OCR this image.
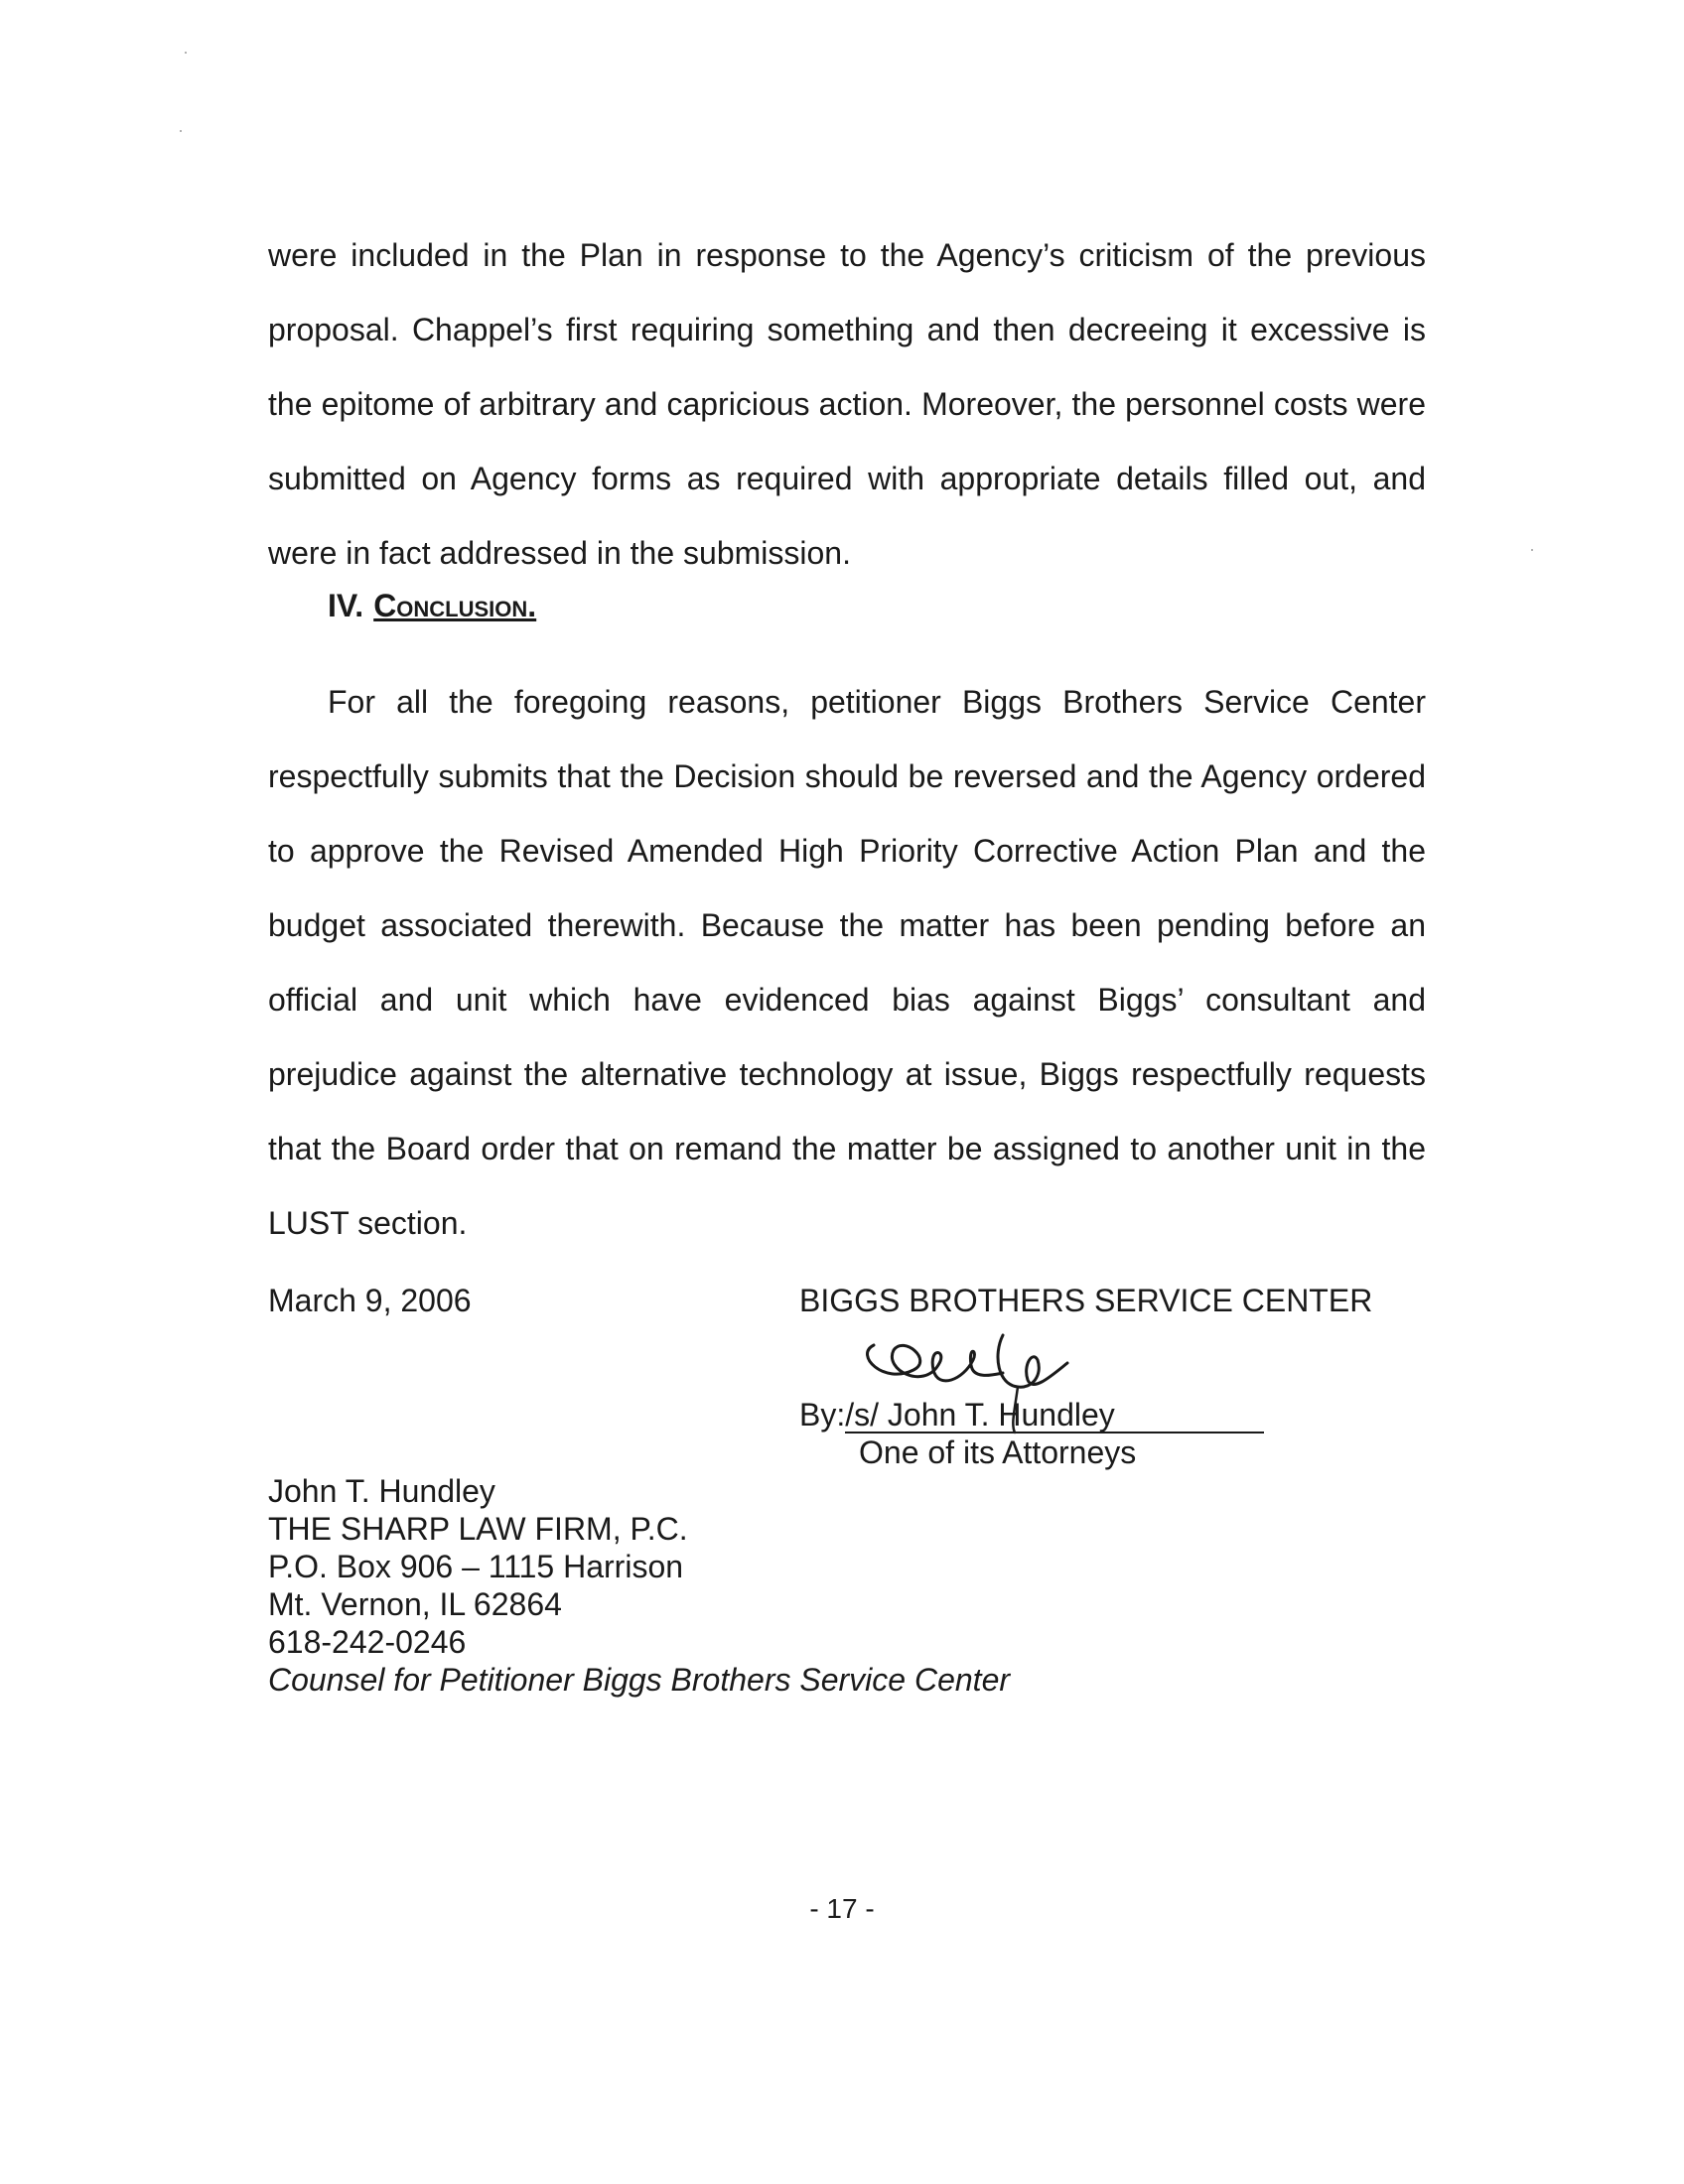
were included in the Plan in response to the Agency’s criticism of the previous proposal. Chappel’s first requiring something and then decreeing it excessive is the epitome of arbitrary and capricious action. Moreover, the personnel costs were submitted on Agency forms as required with appropriate details filled out, and were in fact addressed in the submission.

IV. Conclusion.

For all the foregoing reasons, petitioner Biggs Brothers Service Center respectfully submits that the Decision should be reversed and the Agency ordered to approve the Revised Amended High Priority Corrective Action Plan and the budget associated therewith. Because the matter has been pending before an official and unit which have evidenced bias against Biggs’ consultant and prejudice against the alternative technology at issue, Biggs respectfully requests that the Board order that on remand the matter be assigned to another unit in the LUST section.

March 9, 2006	BIGGS BROTHERS SERVICE CENTER
By:/s/ John T. Hundley
One of its Attorneys
John T. Hundley
THE SHARP LAW FIRM, P.C.
P.O. Box 906 – 1115 Harrison
Mt. Vernon, IL 62864
618-242-0246
Counsel for Petitioner Biggs Brothers Service Center
- 17 -
